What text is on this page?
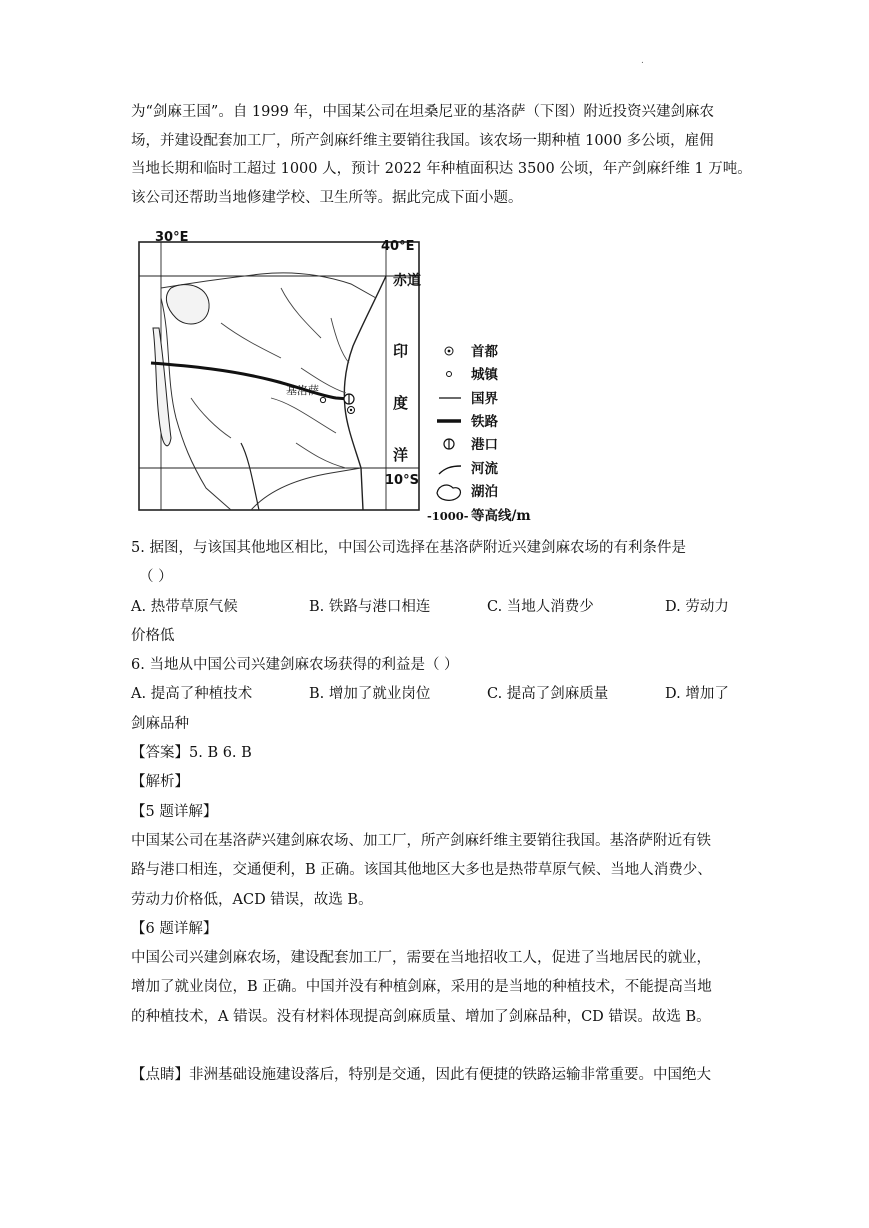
.

为“剑麻王国”。自 1999 年，中国某公司在坦桑尼亚的基洛萨（下图）附近投资兴建剑麻农

场，并建设配套加工厂，所产剑麻纤维主要销往我国。该农场一期种植 1000 多公顷，雇佣

当地长期和临时工超过 1000 人，预计 2022 年种植面积达 3500 公顷，年产剑麻纤维 1 万吨。

该公司还帮助当地修建学校、卫生所等。据此完成下面小题。

30°E
40°E
赤道
10°S
印
度
洋
基洛萨
首都
城镇
国界
铁路
港口
河流
湖泊
-1000- 等高线/m

5. 据图，与该国其他地区相比，中国公司选择在基洛萨附近兴建剑麻农场的有利条件是

（ ）

A. 热带草原气候	B. 铁路与港口相连	C. 当地人消费少	D. 劳动力

价格低

6. 当地从中国公司兴建剑麻农场获得的利益是（ ）

A. 提高了种植技术	B. 增加了就业岗位	C. 提高了剑麻质量	D. 增加了

剑麻品种

【答案】5. B 6. B

【解析】

【5 题详解】

中国某公司在基洛萨兴建剑麻农场、加工厂，所产剑麻纤维主要销往我国。基洛萨附近有铁

路与港口相连，交通便利，B 正确。该国其他地区大多也是热带草原气候、当地人消费少、

劳动力价格低，ACD 错误，故选 B。

【6 题详解】

中国公司兴建剑麻农场，建设配套加工厂，需要在当地招收工人，促进了当地居民的就业，

增加了就业岗位，B 正确。中国并没有种植剑麻，采用的是当地的种植技术，不能提高当地

的种植技术，A 错误。没有材料体现提高剑麻质量、增加了剑麻品种，CD 错误。故选 B。

【点睛】非洲基础设施建设落后，特别是交通，因此有便捷的铁路运输非常重要。中国绝大
